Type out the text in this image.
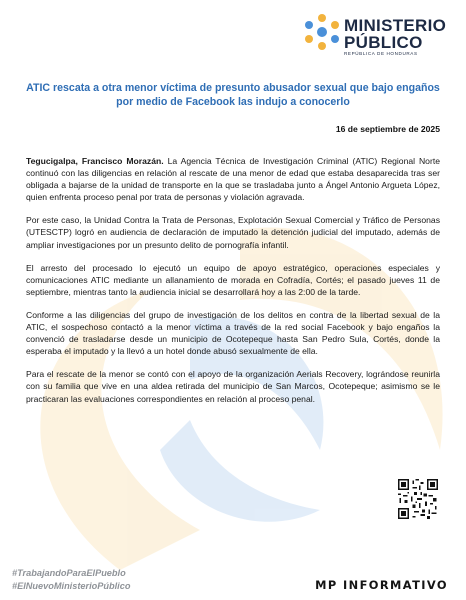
MINISTERIO
PÚBLICO
REPÚBLICA DE HONDURAS
ATIC rescata a otra menor víctima de presunto abusador sexual que bajo engaños por medio de Facebook las indujo a conocerlo
16 de septiembre de 2025

Tegucigalpa, Francisco Morazán. La Agencia Técnica de Investigación Criminal (ATIC) Regional Norte continuó con las diligencias en relación al rescate de una menor de edad que estaba desaparecida tras ser obligada a bajarse de la unidad de transporte en la que se trasladaba junto a Ángel Antonio Argueta López, quien enfrenta proceso penal por trata de personas y violación agravada.

Por este caso, la Unidad Contra la Trata de Personas, Explotación Sexual Comercial y Tráfico de Personas (UTESCTP) logró en audiencia de declaración de imputado la detención judicial del imputado, además de ampliar investigaciones por un presunto delito de pornografía infantil.

El arresto del procesado lo ejecutó un equipo de apoyo estratégico, operaciones especiales y comunicaciones ATIC mediante un allanamiento de morada en Cofradía, Cortés; el pasado jueves 11 de septiembre, mientras tanto la audiencia inicial se desarrollará hoy a las 2:00 de la tarde.

Conforme a las diligencias del grupo de investigación de los delitos en contra de la libertad sexual de la ATIC, el sospechoso contactó a la menor víctima a través de la red social Facebook y bajo engaños la convenció de trasladarse desde un municipio de Ocotepeque hasta San Pedro Sula, Cortés, donde la esperaba el imputado y la llevó a un hotel donde abusó sexualmente de ella.

Para el rescate de la menor se contó con el apoyo de la organización Aerials Recovery, lográndose reunirla con su familia que vive en una aldea retirada del municipio de San Marcos, Ocotepeque; asimismo se le practicaran las evaluaciones correspondientes en relación al proceso penal.

#TrabajandoParaElPueblo
#ElNuevoMinisterioPúblico	MP INFORMATIVO
